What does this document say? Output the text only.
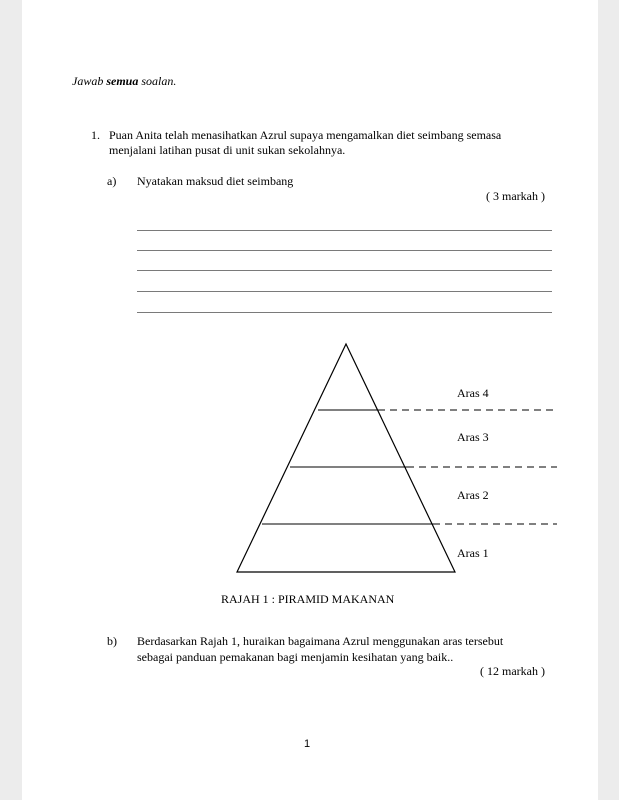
Jawab semua soalan.
1. Puan Anita telah menasihatkan Azrul supaya mengamalkan diet seimbang semasa menjalani latihan pusat di unit sukan sekolahnya.
a) Nyatakan maksud diet seimbang
( 3 markah )
Aras 4
Aras 3
Aras 2
Aras 1
RAJAH 1 : PIRAMID MAKANAN
b) Berdasarkan Rajah 1, huraikan bagaimana Azrul menggunakan aras tersebut
sebagai panduan pemakanan bagi menjamin kesihatan yang baik..
( 12 markah )
1
